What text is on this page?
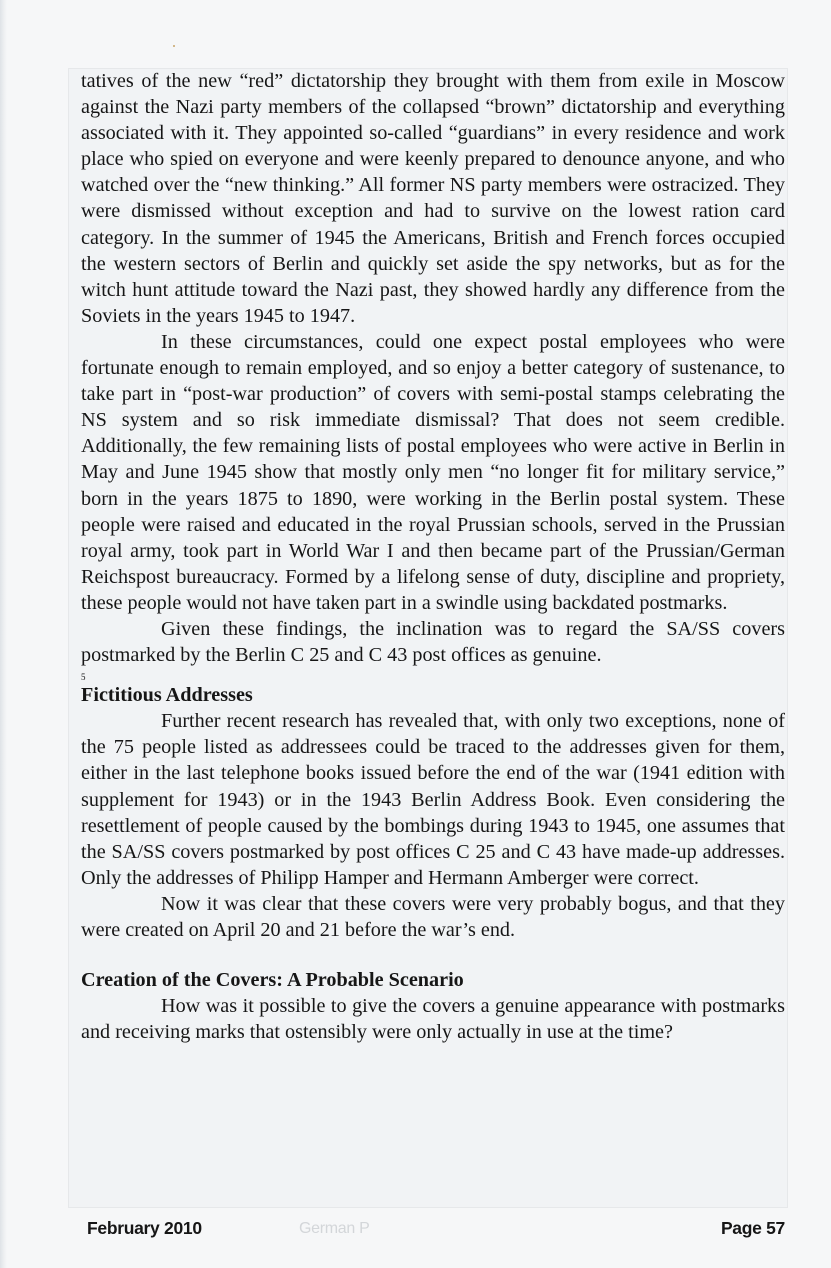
tatives of the new “red” dictatorship they brought with them from exile in Moscow against the Nazi party members of the collapsed “brown” dictatorship and everything associated with it. They appointed so-called “guardians” in every residence and work place who spied on everyone and were keenly prepared to denounce anyone, and who watched over the “new thinking.” All former NS party members were ostracized. They were dismissed without exception and had to survive on the lowest ration card category. In the summer of 1945 the Americans, British and French forces occupied the western sectors of Berlin and quickly set aside the spy networks, but as for the witch hunt attitude toward the Nazi past, they showed hardly any difference from the Soviets in the years 1945 to 1947.

In these circumstances, could one expect postal employees who were fortunate enough to remain employed, and so enjoy a better category of sustenance, to take part in “post-war production” of covers with semi-postal stamps celebrating the NS system and so risk immediate dismissal? That does not seem credible. Additionally, the few remaining lists of postal employees who were active in Berlin in May and June 1945 show that mostly only men “no longer fit for military service,” born in the years 1875 to 1890, were working in the Berlin postal system. These people were raised and educated in the royal Prussian schools, served in the Prussian royal army, took part in World War I and then became part of the Prussian/German Reichspost bureaucracy. Formed by a lifelong sense of duty, discipline and propriety, these people would not have taken part in a swindle using backdated postmarks.

Given these findings, the inclination was to regard the SA/SS covers postmarked by the Berlin C 25 and C 43 post offices as genuine.

5

Fictitious Addresses

Further recent research has revealed that, with only two exceptions, none of the 75 people listed as addressees could be traced to the addresses given for them, either in the last telephone books issued before the end of the war (1941 edition with supplement for 1943) or in the 1943 Berlin Address Book. Even considering the resettlement of people caused by the bombings during 1943 to 1945, one assumes that the SA/SS covers postmarked by post offices C 25 and C 43 have made-up addresses. Only the addresses of Philipp Hamper and Hermann Amberger were correct.

Now it was clear that these covers were very probably bogus, and that they were created on April 20 and 21 before the war’s end.

Creation of the Covers: A Probable Scenario

How was it possible to give the covers a genuine appearance with postmarks and receiving marks that ostensibly were only actually in use at the time?

February 2010	German P	Page 57
